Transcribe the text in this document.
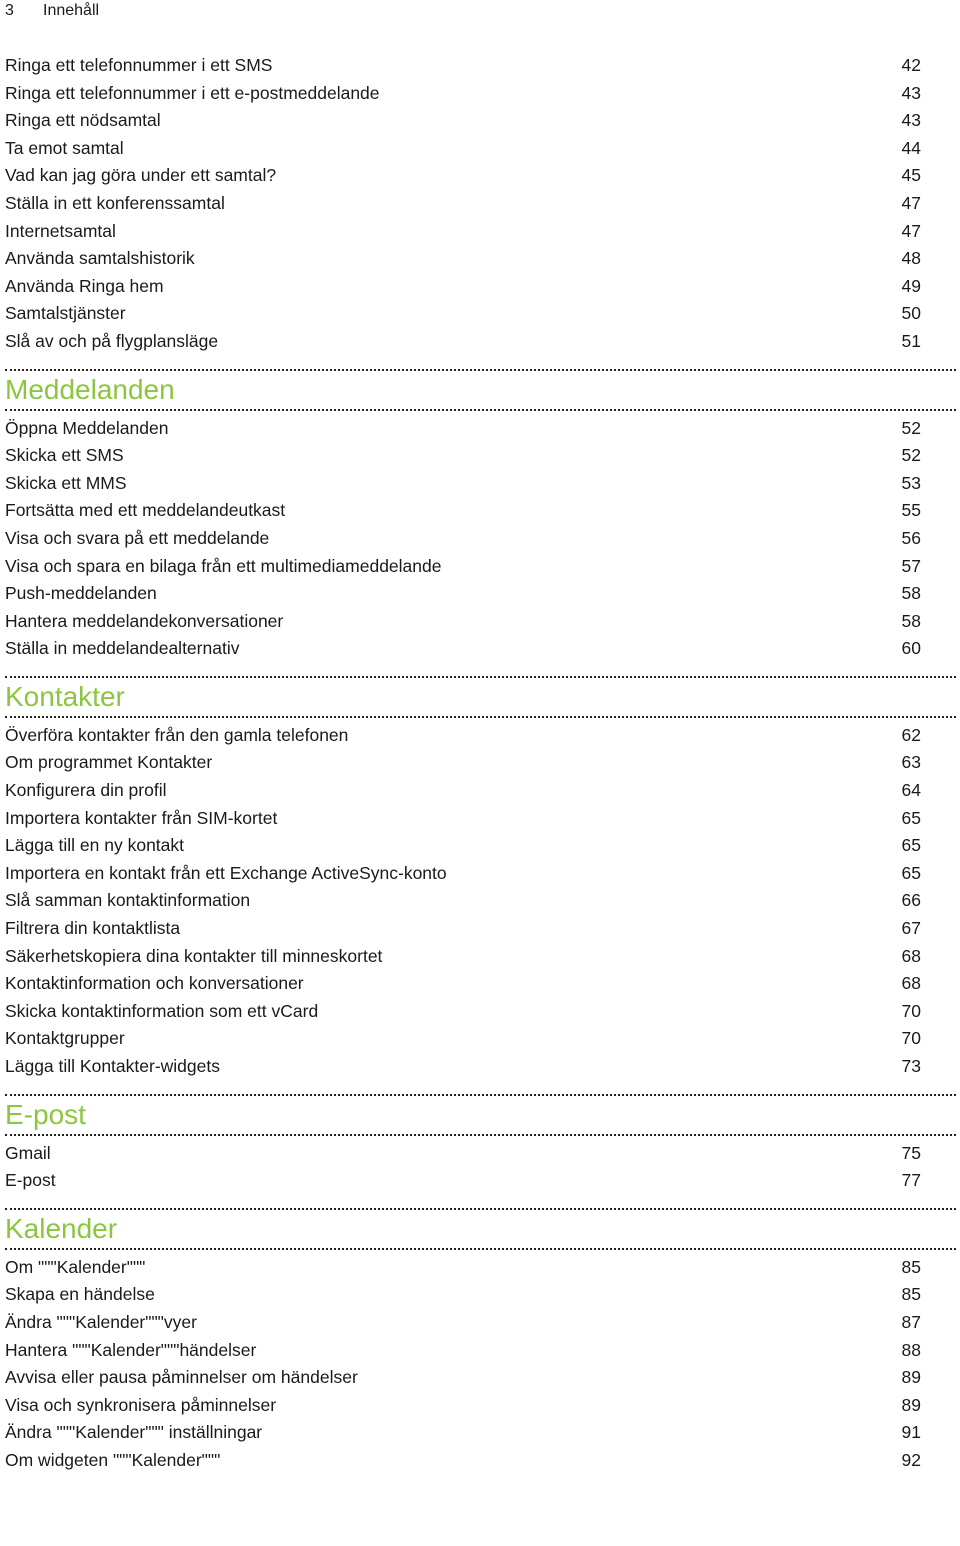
3 Innehåll
Ringa ett telefonnummer i ett SMS	42
Ringa ett telefonnummer i ett e-postmeddelande	43
Ringa ett nödsamtal	43
Ta emot samtal	44
Vad kan jag göra under ett samtal?	45
Ställa in ett konferenssamtal	47
Internetsamtal	47
Använda samtalshistorik	48
Använda Ringa hem	49
Samtalstjänster	50
Slå av och på flygplansläge	51
Meddelanden
Öppna Meddelanden	52
Skicka ett SMS	52
Skicka ett MMS	53
Fortsätta med ett meddelandeutkast	55
Visa och svara på ett meddelande	56
Visa och spara en bilaga från ett multimediameddelande	57
Push-meddelanden	58
Hantera meddelandekonversationer	58
Ställa in meddelandealternativ	60
Kontakter
Överföra kontakter från den gamla telefonen	62
Om programmet Kontakter	63
Konfigurera din profil	64
Importera kontakter från SIM-kortet	65
Lägga till en ny kontakt	65
Importera en kontakt från ett Exchange ActiveSync-konto	65
Slå samman kontaktinformation	66
Filtrera din kontaktlista	67
Säkerhetskopiera dina kontakter till minneskortet	68
Kontaktinformation och konversationer	68
Skicka kontaktinformation som ett vCard	70
Kontaktgrupper	70
Lägga till Kontakter-widgets	73
E-post
Gmail	75
E-post	77
Kalender
Om """Kalender"""	85
Skapa en händelse	85
Ändra """Kalender"""vyer	87
Hantera """Kalender"""händelser	88
Avvisa eller pausa påminnelser om händelser	89
Visa och synkronisera påminnelser	89
Ändra """Kalender""" inställningar	91
Om widgeten """Kalender"""	92
